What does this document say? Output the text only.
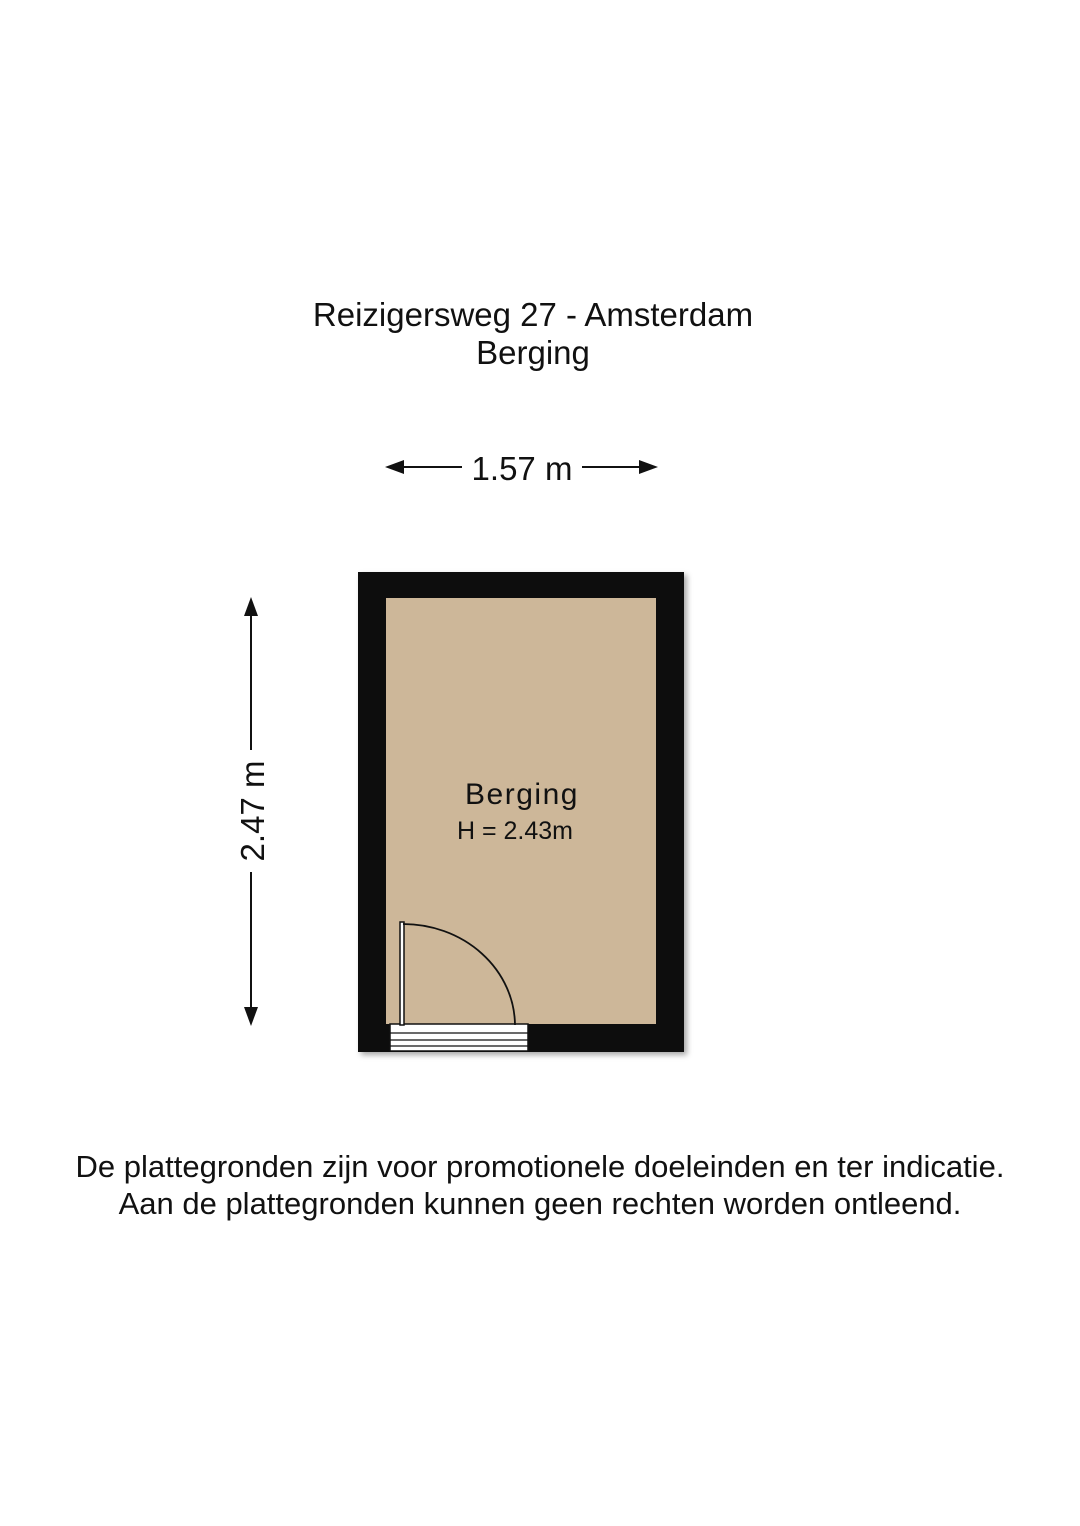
Reizigersweg 27 - Amsterdam
Berging
1.57 m
2.47 m	Berging
H = 2.43m
De plattegronden zijn voor promotionele doeleinden en ter indicatie.
Aan de plattegronden kunnen geen rechten worden ontleend.
